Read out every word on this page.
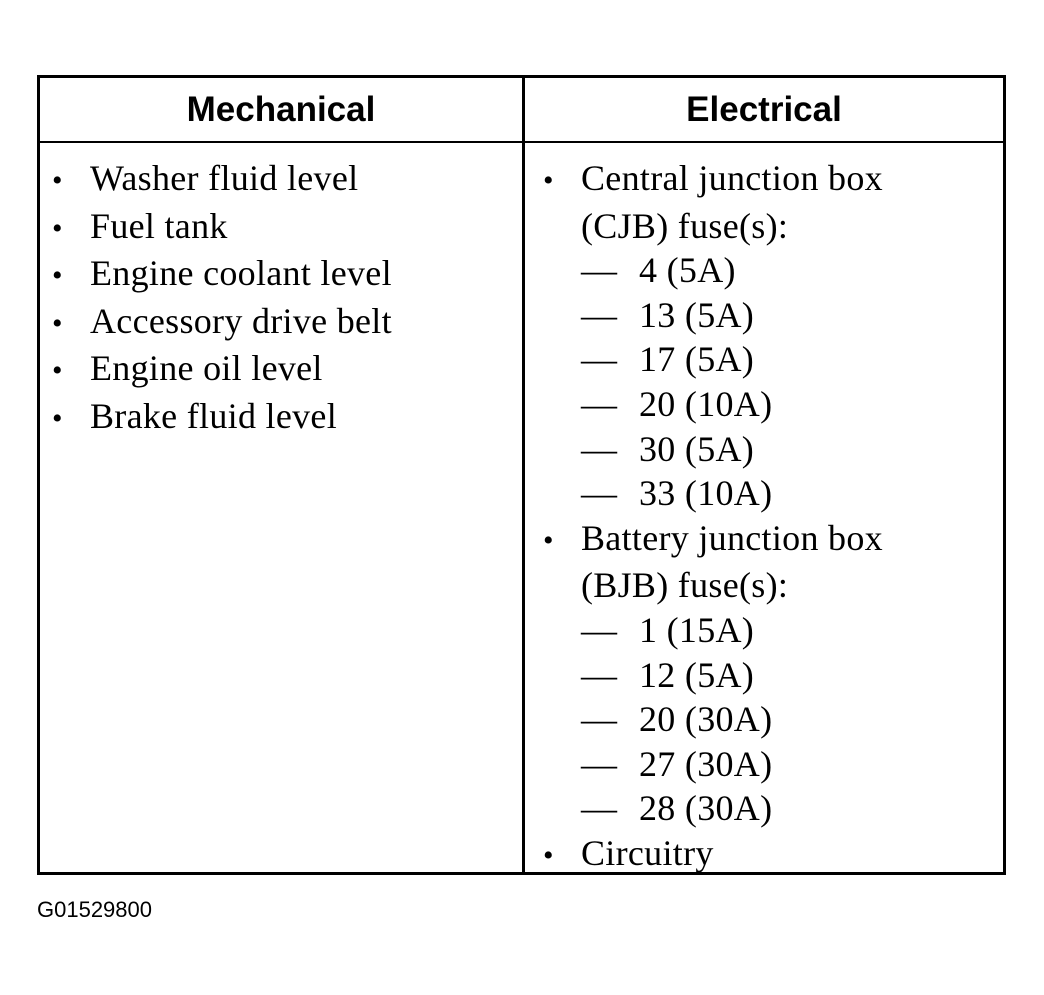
Mechanical	Electrical
• Washer fluid level
• Fuel tank
• Engine coolant level
• Accessory drive belt
• Engine oil level
• Brake fluid level
• Central junction box
(CJB) fuse(s):
— 4 (5A)
— 13 (5A)
— 17 (5A)
— 20 (10A)
— 30 (5A)
— 33 (10A)
• Battery junction box
(BJB) fuse(s):
— 1 (15A)
— 12 (5A)
— 20 (30A)
— 27 (30A)
— 28 (30A)
• Circuitry
G01529800
